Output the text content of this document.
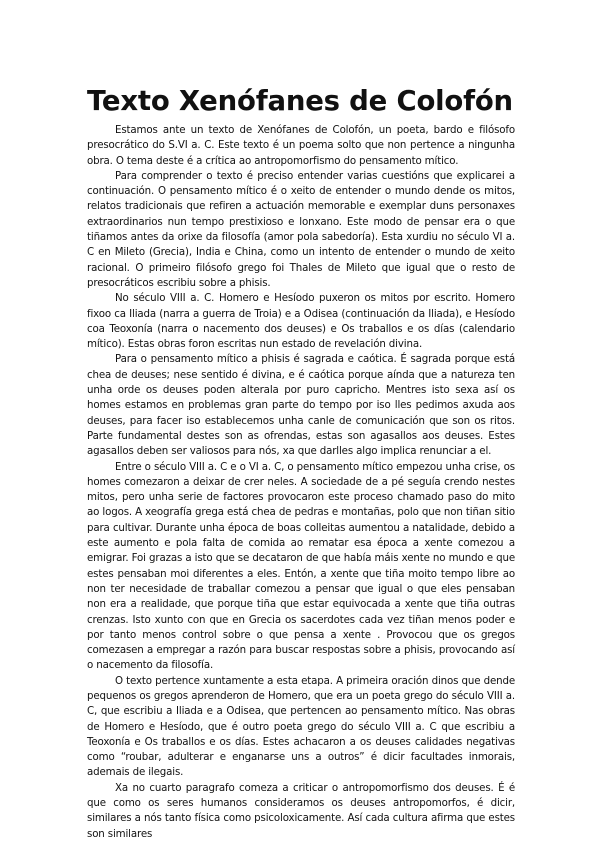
Texto Xenófanes de Colofón

Estamos ante un texto de Xenófanes de Colofón, un poeta, bardo e filósofo presocrático do S.VI a. C. Este texto é un poema solto que non pertence a ningunha obra. O tema deste é a crítica ao antropomorfismo do pensamento mítico.

Para comprender o texto é preciso entender varias cuestións que explicarei a continuación. O pensamento mítico é o xeito de entender o mundo dende os mitos, relatos tradicionais que refiren a actuación memorable e exemplar duns personaxes extraordinarios nun tempo prestixioso e lonxano. Este modo de pensar era o que tiñamos antes da orixe da filosofía (amor pola sabedoría). Esta xurdiu no século VI a. C en Mileto (Grecia), India e China, como un intento de entender o mundo de xeito racional. O primeiro filósofo grego foi Thales de Mileto que igual que o resto de presocráticos escribiu sobre a phisis.

No século VIII a. C. Homero e Hesíodo puxeron os mitos por escrito. Homero fixoo ca Iliada (narra a guerra de Troia) e a Odisea (continuación da Iliada), e Hesíodo coa Teoxonía (narra o nacemento dos deuses) e Os traballos e os días (calendario mítico). Estas obras foron escritas nun estado de revelación divina.

Para o pensamento mítico a phisis é sagrada e caótica. É sagrada porque está chea de deuses; nese sentido é divina, e é caótica porque aínda que a natureza ten unha orde os deuses poden alterala por puro capricho. Mentres isto sexa así os homes estamos en problemas gran parte do tempo por iso lles pedimos axuda aos deuses, para facer iso establecemos unha canle de comunicación que son os ritos. Parte fundamental destes son as ofrendas, estas son agasallos aos deuses. Estes agasallos deben ser valiosos para nós, xa que darlles algo implica renunciar a el.

Entre o século VIII a. C e o VI a. C, o pensamento mítico empezou unha crise, os homes comezaron a deixar de crer neles. A sociedade de a pé seguía crendo nestes mitos, pero unha serie de factores provocaron este proceso chamado paso do mito ao logos. A xeografía grega está chea de pedras e montañas, polo que non tiñan sitio para cultivar. Durante unha época de boas colleitas aumentou a natalidade, debido a este aumento e pola falta de comida ao rematar esa época a xente comezou a emigrar. Foi grazas a isto que se decataron de que había máis xente no mundo e que estes pensaban moi diferentes a eles. Entón, a xente que tiña moito tempo libre ao non ter necesidade de traballar comezou a pensar que igual o que eles pensaban non era a realidade, que porque tiña que estar equivocada a xente que tiña outras crenzas. Isto xunto con que en Grecia os sacerdotes cada vez tiñan menos poder e por tanto menos control sobre o que pensa a xente . Provocou que os gregos comezasen a empregar a razón para buscar respostas sobre a phisis, provocando así o nacemento da filosofía.

O texto pertence xuntamente a esta etapa. A primeira oración dinos que dende pequenos os gregos aprenderon de Homero, que era un poeta grego do século VIII a. C, que escribiu a Iliada e a Odisea, que pertencen ao pensamento mítico. Nas obras de Homero e Hesíodo, que é outro poeta grego do século VIII a. C que escribiu a Teoxonía e Os traballos e os días. Estes achacaron a os deuses calidades negativas como “roubar, adulterar e enganarse uns a outros” é dicir facultades inmorais, ademais de ilegais.

Xa no cuarto paragrafo comeza a criticar o antropomorfismo dos deuses. É é que como os seres humanos consideramos os deuses antropomorfos, é dicir, similares a nós tanto física como psicoloxicamente. Así cada cultura afirma que estes son similares
